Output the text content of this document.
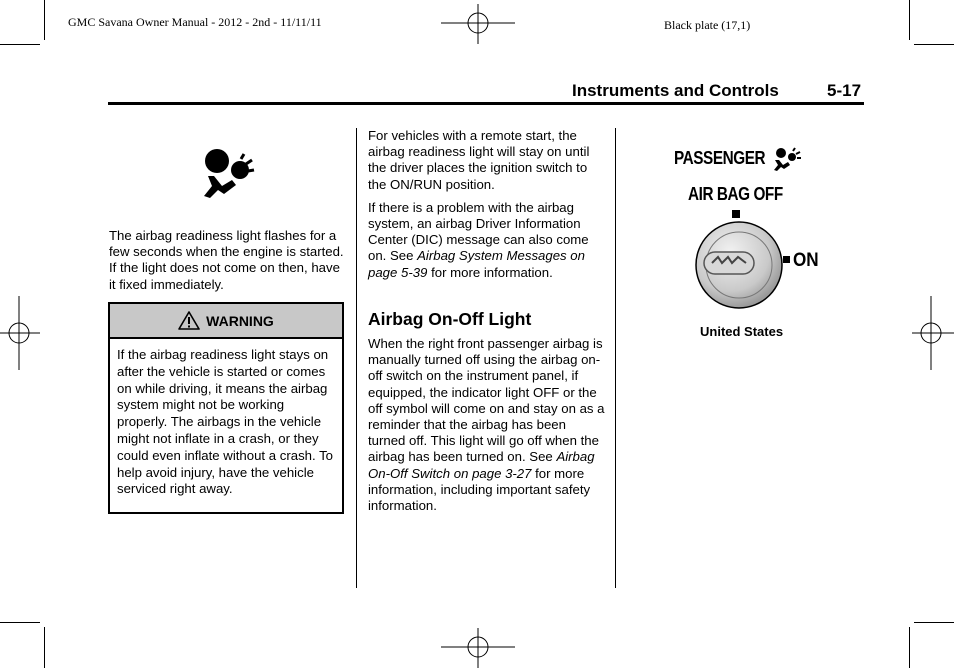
GMC Savana Owner Manual - 2012 - 2nd - 11/11/11	Black plate (17,1)
Instruments and Controls	5-17

The airbag readiness light flashes for a few seconds when the engine is started. If the light does not come on then, have it fixed immediately.

WARNING
If the airbag readiness light stays on after the vehicle is started or comes on while driving, it means the airbag system might not be working properly. The airbags in the vehicle might not inflate in a crash, or they could even inflate without a crash. To help avoid injury, have the vehicle serviced right away.

For vehicles with a remote start, the airbag readiness light will stay on until the driver places the ignition switch to the ON/RUN position.

If there is a problem with the airbag system, an airbag Driver Information Center (DIC) message can also come on. See Airbag System Messages on page 5-39 for more information.

Airbag On-Off Light

When the right front passenger airbag is manually turned off using the airbag on-off switch on the instrument panel, if equipped, the indicator light OFF or the off symbol will come on and stay on as a reminder that the airbag has been turned off. This light will go off when the airbag has been turned on. See Airbag On-Off Switch on page 3-27 for more information, including important safety information.

PASSENGER
AIR BAG OFF
ON
United States
